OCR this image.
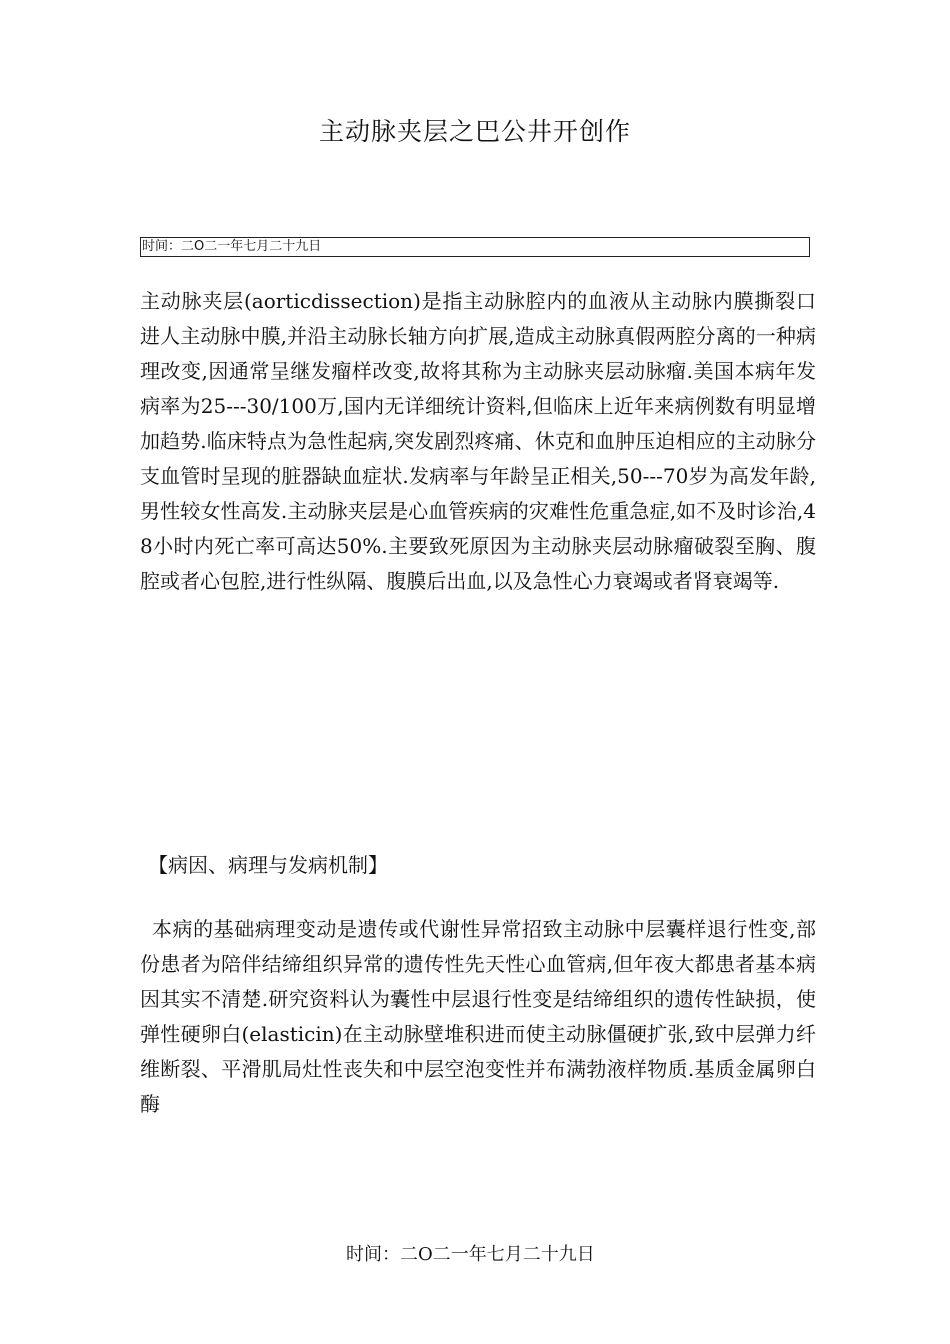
主动脉夹层之巴公井开创作
时间：二O二一年七月二十九日

主动脉夹层(aorticdissection)是指主动脉腔内的血液从主动脉内膜撕裂口进人主动脉中膜,并沿主动脉长轴方向扩展,造成主动脉真假两腔分离的一种病理改变,因通常呈继发瘤样改变,故将其称为主动脉夹层动脉瘤.美国本病年发病率为25---30/100万,国内无详细统计资料,但临床上近年来病例数有明显增加趋势.临床特点为急性起病,突发剧烈疼痛、休克和血肿压迫相应的主动脉分支血管时呈现的脏器缺血症状.发病率与年龄呈正相关,50---70岁为高发年龄,男性较女性高发.主动脉夹层是心血管疾病的灾难性危重急症,如不及时诊治,48小时内死亡率可高达50%.主要致死原因为主动脉夹层动脉瘤破裂至胸、腹腔或者心包腔,进行性纵隔、腹膜后出血,以及急性心力衰竭或者肾衰竭等.

【病因、病理与发病机制】

本病的基础病理变动是遗传或代谢性异常招致主动脉中层囊样退行性变,部份患者为陪伴结缔组织异常的遗传性先天性心血管病,但年夜大都患者基本病因其实不清楚.研究资料认为囊性中层退行性变是结缔组织的遗传性缺损，使弹性硬卵白(elasticin)在主动脉壁堆积进而使主动脉僵硬扩张,致中层弹力纤维断裂、平滑肌局灶性丧失和中层空泡变性并布满勃液样物质.基质金属卵白酶

时间：二O二一年七月二十九日
